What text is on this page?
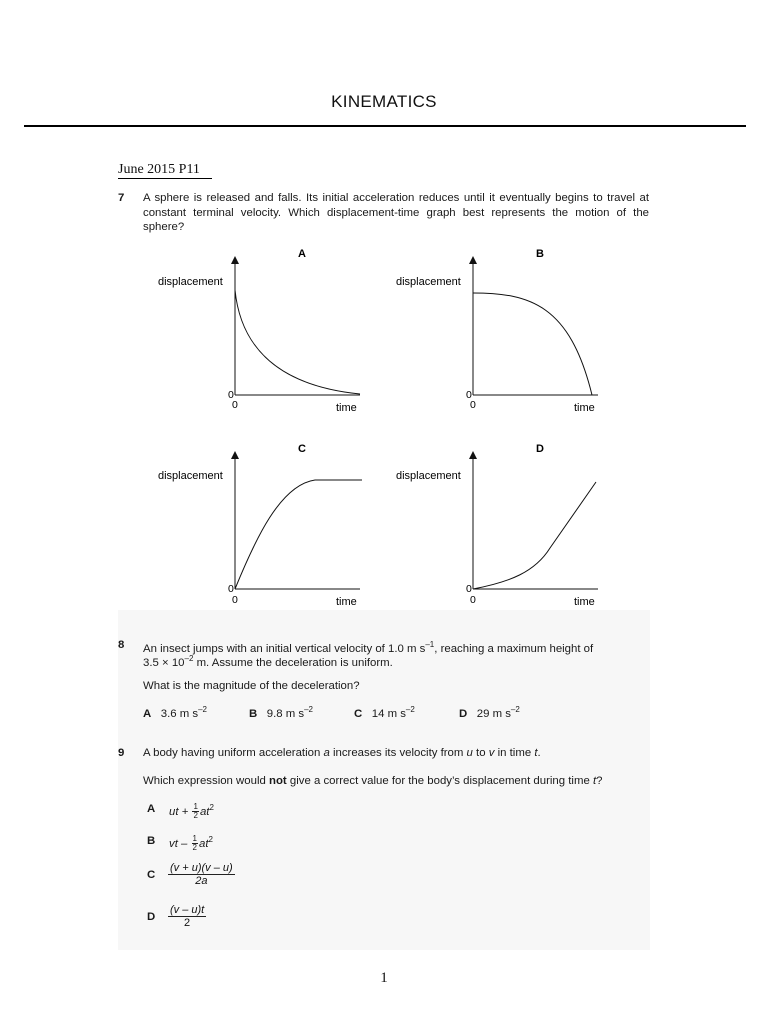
KINEMATICS
June 2015 P11
7 A sphere is released and falls. Its initial acceleration reduces until it eventually begins to travel at constant terminal velocity. Which displacement-time graph best represents the motion of the sphere?
A
displacement
0
0	time
B
displacement
0
0	time
C
displacement
0
0	time
D
displacement
0
0	time
8 An insect jumps with an initial vertical velocity of 1.0 m $s^{-1}$, reaching a maximum height of
$3.5 \times 10^{-2}$ m. Assume the deceleration is uniform.
What is the magnitude of the deceleration?
A 3.6 m $s^{-2}$	B 9.8 m $s^{-2}$	C 14 m $s^{-2}$	D 29 m $s^{-2}$
9 A body having uniform acceleration a increases its velocity from u to v in time t.
Which expression would not give a correct value for the body’s displacement during time t?
A ut + $\frac{1}{2} at^2$
B vt – $\frac{1}{2} at^2$
C $\frac{(v + u)(v - u)}{2a}$
D $\frac{(v - u)t}{2}$
1
